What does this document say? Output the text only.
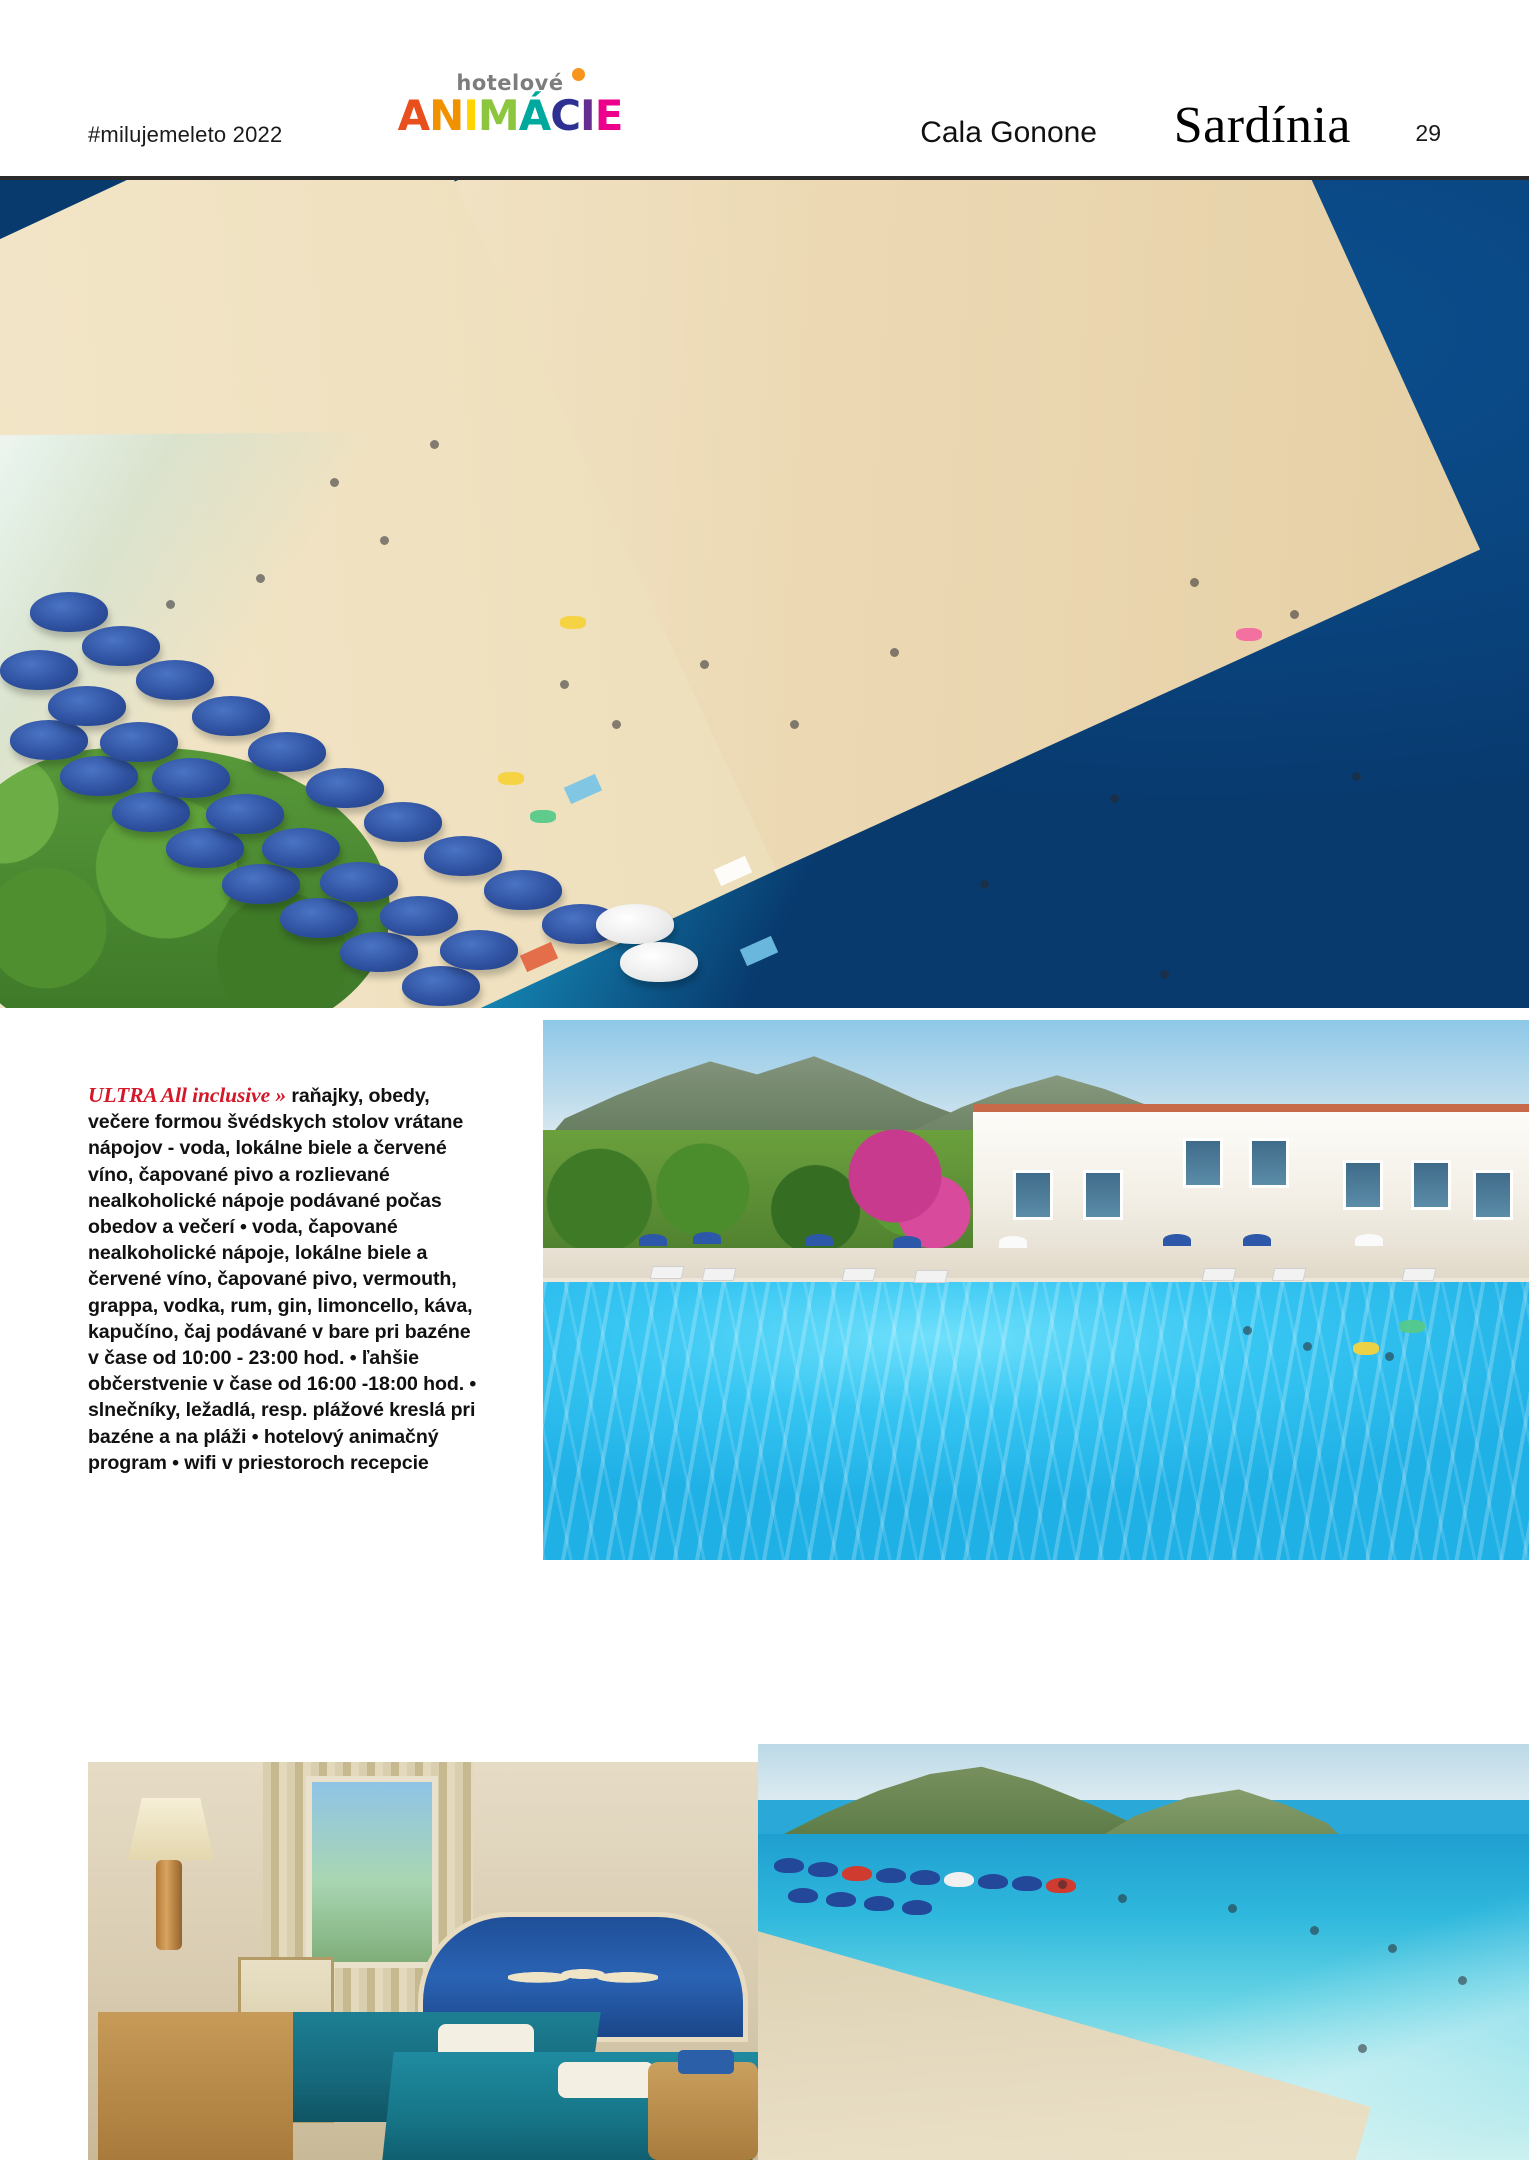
#milujemeleto 2022
hotelové
ANIMÁCIE	Cala Gonone Sardínia	29

ULTRA All inclusive » raňajky, obedy, večere formou švédskych stolov vrátane nápojov - voda, lokálne biele a červené víno, čapované pivo a rozlievané nealkoholické nápoje podávané počas obedov a večerí • voda, čapované nealkoholické nápoje, lokálne biele a červené víno, čapované pivo, vermouth, grappa, vodka, rum, gin, limoncello, káva, kapučíno, čaj podávané v bare pri bazéne v čase od 10:00 - 23:00 hod. • ľahšie občerstvenie v čase od 16:00 -18:00 hod. • slnečníky, ležadlá, resp. plážové kreslá pri bazéne a na pláži • hotelový animačný program • wifi v priestoroch recepcie
